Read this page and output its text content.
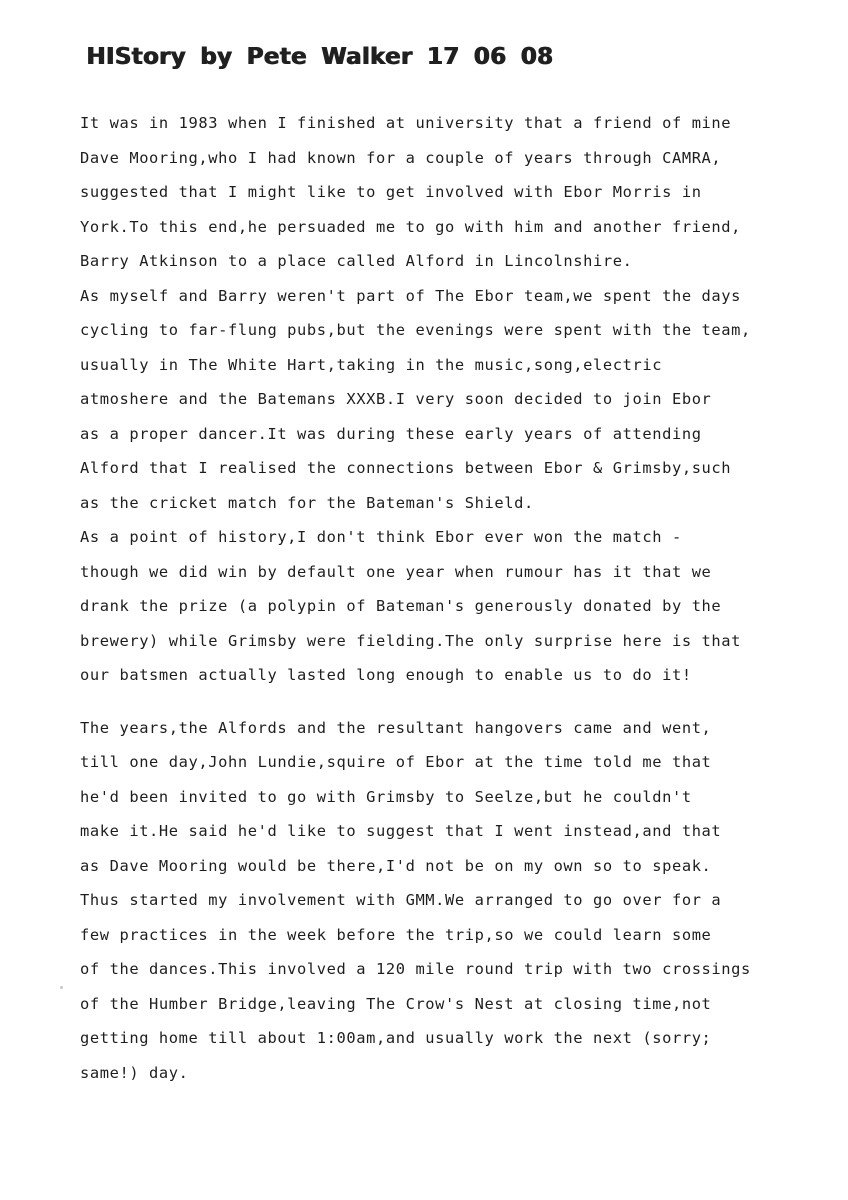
HIStory by Pete Walker 17 06 08
It was in 1983 when I finished at university that a friend of mine
Dave Mooring,who I had known for a couple of years through CAMRA,
suggested that I might like to get involved with Ebor Morris in
York.To this end,he persuaded me to go with him and another friend,
Barry Atkinson to a place called Alford in Lincolnshire.
As myself and Barry weren't part of The Ebor team,we spent the days
cycling to far-flung pubs,but the evenings were spent with the team,
usually in The White Hart,taking in the music,song,electric
atmoshere and the Batemans XXXB.I very soon decided to join Ebor
as a proper dancer.It was during these early years of attending
Alford that I realised the connections between Ebor & Grimsby,such
as the cricket match for the Bateman's Shield.
As a point of history,I don't think Ebor ever won the match -
though we did win by default one year when rumour has it that we
drank the prize (a polypin of Bateman's generously donated by the
brewery) while Grimsby were fielding.The only surprise here is that
our batsmen actually lasted long enough to enable us to do it!
The years,the Alfords and the resultant hangovers came and went,
till one day,John Lundie,squire of Ebor at the time told me that
he'd been invited to go with Grimsby to Seelze,but he couldn't
make it.He said he'd like to suggest that I went instead,and that
as Dave Mooring would be there,I'd not be on my own so to speak.
Thus started my involvement with GMM.We arranged to go over for a
few practices in the week before the trip,so we could learn some
of the dances.This involved a 120 mile round trip with two crossings
of the Humber Bridge,leaving The Crow's Nest at closing time,not
getting home till about 1:00am,and usually work the next (sorry;
same!) day.
